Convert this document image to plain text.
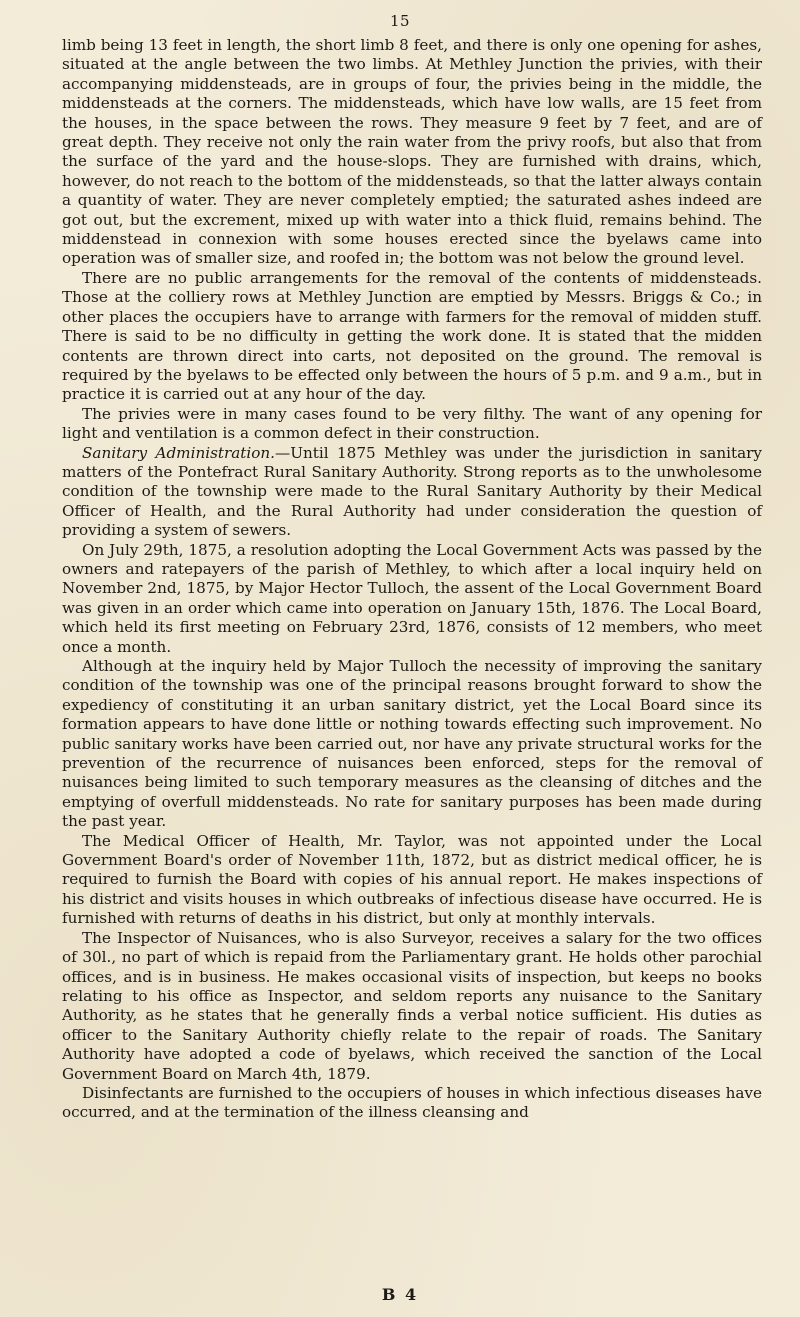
15

limb being 13 feet in length, the short limb 8 feet, and there is only one opening for ashes, situated at the angle between the two limbs. At Methley Junction the privies, with their accompanying middensteads, are in groups of four, the privies being in the middle, the middensteads at the corners. The middensteads, which have low walls, are 15 feet from the houses, in the space between the rows. They measure 9 feet by 7 feet, and are of great depth. They receive not only the rain water from the privy roofs, but also that from the surface of the yard and the house-slops. They are furnished with drains, which, however, do not reach to the bottom of the middensteads, so that the latter always contain a quantity of water. They are never completely emptied; the saturated ashes indeed are got out, but the excrement, mixed up with water into a thick fluid, remains behind. The middenstead in connexion with some houses erected since the byelaws came into operation was of smaller size, and roofed in; the bottom was not below the ground level.

There are no public arrangements for the removal of the contents of middensteads. Those at the colliery rows at Methley Junction are emptied by Messrs. Briggs & Co.; in other places the occupiers have to arrange with farmers for the removal of midden stuff. There is said to be no difficulty in getting the work done. It is stated that the midden contents are thrown direct into carts, not deposited on the ground. The removal is required by the byelaws to be effected only between the hours of 5 p.m. and 9 a.m., but in practice it is carried out at any hour of the day.

The privies were in many cases found to be very filthy. The want of any opening for light and ventilation is a common defect in their construction.

Sanitary Administration.—Until 1875 Methley was under the jurisdiction in sanitary matters of the Pontefract Rural Sanitary Authority. Strong reports as to the unwholesome condition of the township were made to the Rural Sanitary Authority by their Medical Officer of Health, and the Rural Authority had under consideration the question of providing a system of sewers.

On July 29th, 1875, a resolution adopting the Local Government Acts was passed by the owners and ratepayers of the parish of Methley, to which after a local inquiry held on November 2nd, 1875, by Major Hector Tulloch, the assent of the Local Government Board was given in an order which came into operation on January 15th, 1876. The Local Board, which held its first meeting on February 23rd, 1876, consists of 12 members, who meet once a month.

Although at the inquiry held by Major Tulloch the necessity of improving the sanitary condition of the township was one of the principal reasons brought forward to show the expediency of constituting it an urban sanitary district, yet the Local Board since its formation appears to have done little or nothing towards effecting such improvement. No public sanitary works have been carried out, nor have any private structural works for the prevention of the recurrence of nuisances been enforced, steps for the removal of nuisances being limited to such temporary measures as the cleansing of ditches and the emptying of overfull middensteads. No rate for sanitary purposes has been made during the past year.

The Medical Officer of Health, Mr. Taylor, was not appointed under the Local Government Board's order of November 11th, 1872, but as district medical officer, he is required to furnish the Board with copies of his annual report. He makes inspections of his district and visits houses in which outbreaks of infectious disease have occurred. He is furnished with returns of deaths in his district, but only at monthly intervals.

The Inspector of Nuisances, who is also Surveyor, receives a salary for the two offices of 30l., no part of which is repaid from the Parliamentary grant. He holds other parochial offices, and is in business. He makes occasional visits of inspection, but keeps no books relating to his office as Inspector, and seldom reports any nuisance to the Sanitary Authority, as he states that he generally finds a verbal notice sufficient. His duties as officer to the Sanitary Authority chiefly relate to the repair of roads. The Sanitary Authority have adopted a code of byelaws, which received the sanction of the Local Government Board on March 4th, 1879.

Disinfectants are furnished to the occupiers of houses in which infectious diseases have occurred, and at the termination of the illness cleansing and

B 4
